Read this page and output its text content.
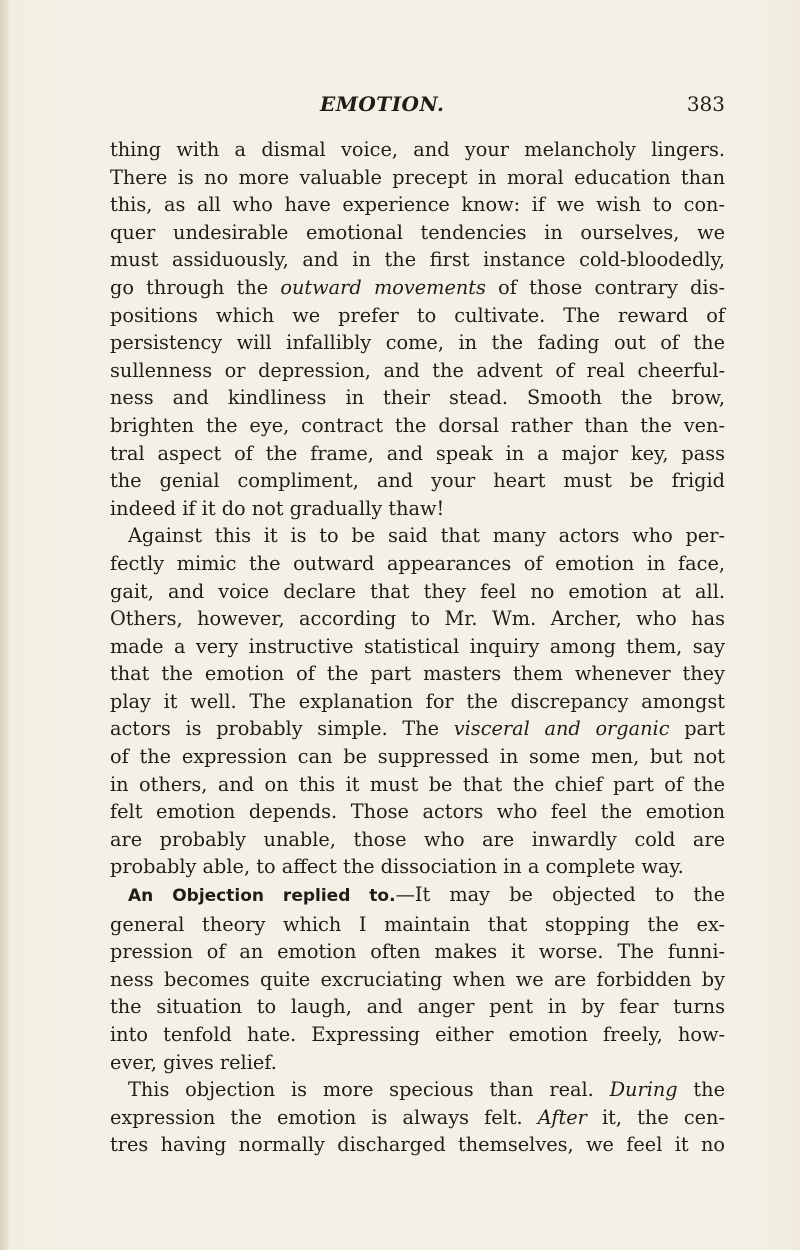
EMOTION.	383
thing with a dismal voice, and your melancholy lingers.
There is no more valuable precept in moral education than
this, as all who have experience know: if we wish to con-
quer undesirable emotional tendencies in ourselves, we
must assiduously, and in the first instance cold-bloodedly,
go through the outward movements of those contrary dis-
positions which we prefer to cultivate. The reward of
persistency will infallibly come, in the fading out of the
sullenness or depression, and the advent of real cheerful-
ness and kindliness in their stead. Smooth the brow,
brighten the eye, contract the dorsal rather than the ven-
tral aspect of the frame, and speak in a major key, pass
the genial compliment, and your heart must be frigid
indeed if it do not gradually thaw!
Against this it is to be said that many actors who per-
fectly mimic the outward appearances of emotion in face,
gait, and voice declare that they feel no emotion at all.
Others, however, according to Mr. Wm. Archer, who has
made a very instructive statistical inquiry among them, say
that the emotion of the part masters them whenever they
play it well. The explanation for the discrepancy amongst
actors is probably simple. The visceral and organic part
of the expression can be suppressed in some men, but not
in others, and on this it must be that the chief part of the
felt emotion depends. Those actors who feel the emotion
are probably unable, those who are inwardly cold are
probably able, to affect the dissociation in a complete way.
An Objection replied to.—It may be objected to the
general theory which I maintain that stopping the ex-
pression of an emotion often makes it worse. The funni-
ness becomes quite excruciating when we are forbidden by
the situation to laugh, and anger pent in by fear turns
into tenfold hate. Expressing either emotion freely, how-
ever, gives relief.
This objection is more specious than real. During the
expression the emotion is always felt. After it, the cen-
tres having normally discharged themselves, we feel it no
